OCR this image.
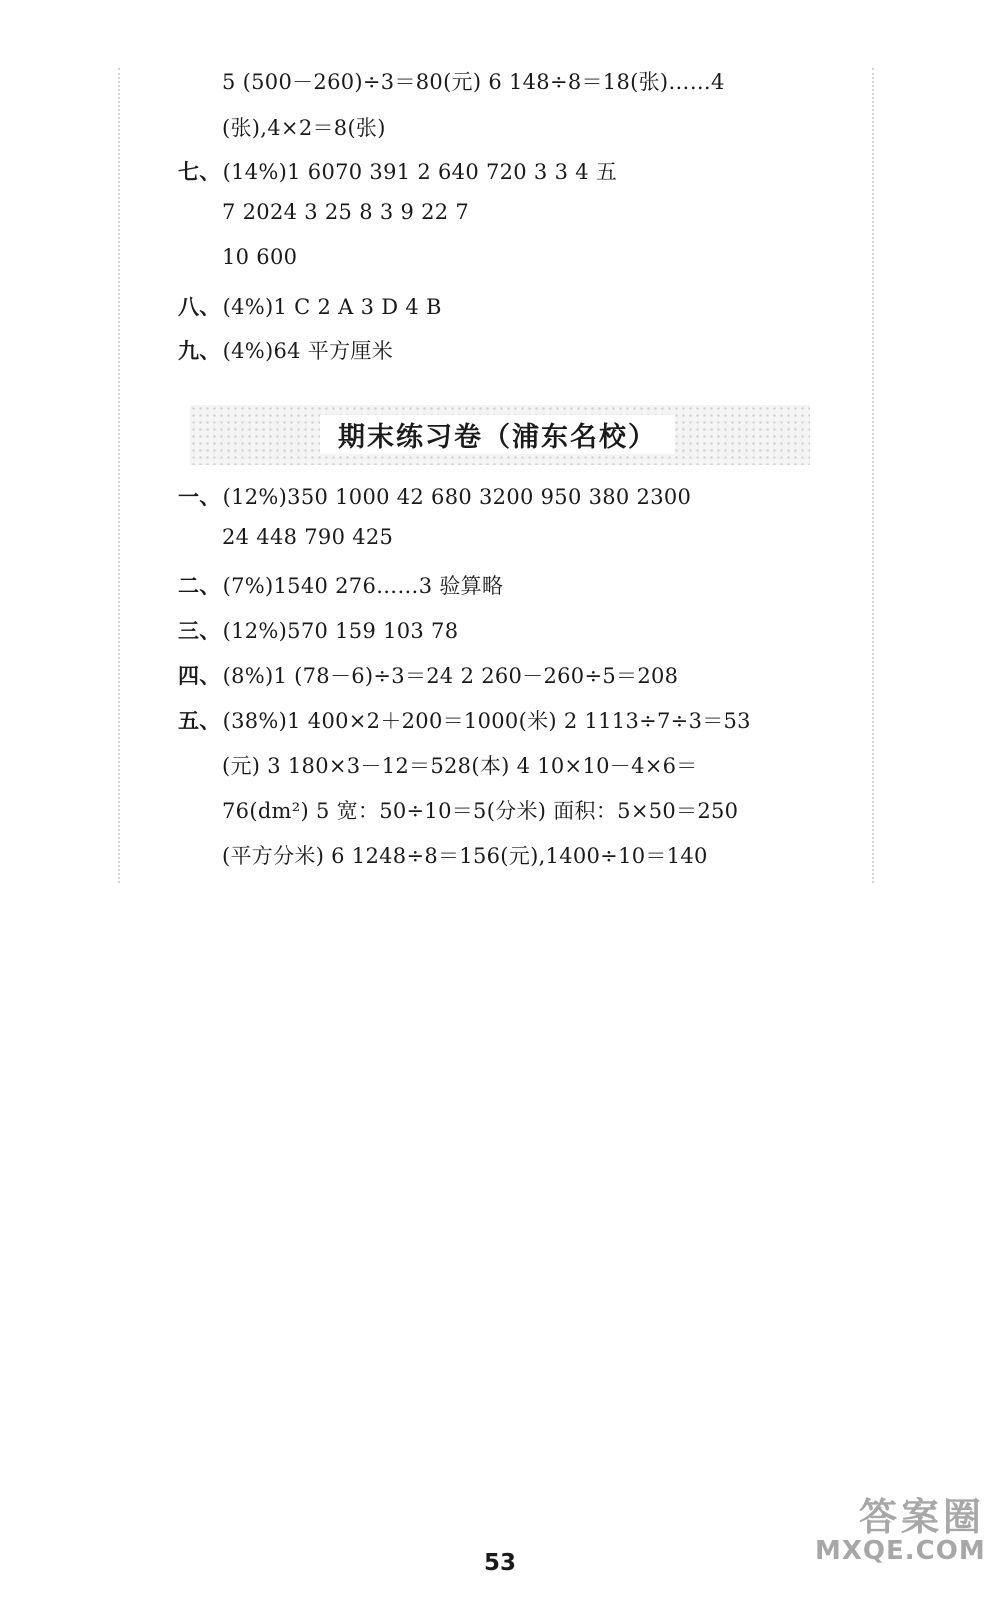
5 (500－260)÷3＝80(元) 6 148÷8＝18(张)……4
(张),4×2＝8(张)
七、(14%)1 6070 391 2 640 720 3 3 4 五
7 2024 3 25 8 3 9 22 7
10 600
八、(4%)1 C 2 A 3 D 4 B
九、(4%)64 平方厘米
期末练习卷（浦东名校）
一、(12%)350 1000 42 680 3200 950 380 2300
24 448 790 425
二、(7%)1540 276……3 验算略
三、(12%)570 159 103 78
四、(8%)1 (78－6)÷3＝24 2 260－260÷5＝208
五、(38%)1 400×2＋200＝1000(米) 2 1113÷7÷3＝53
(元) 3 180×3－12＝528(本) 4 10×10－4×6＝
76(dm²) 5 宽：50÷10＝5(分米) 面积：5×50＝250
(平方分米) 6 1248÷8＝156(元),1400÷10＝140
53
答案圈
MXQE.COM
